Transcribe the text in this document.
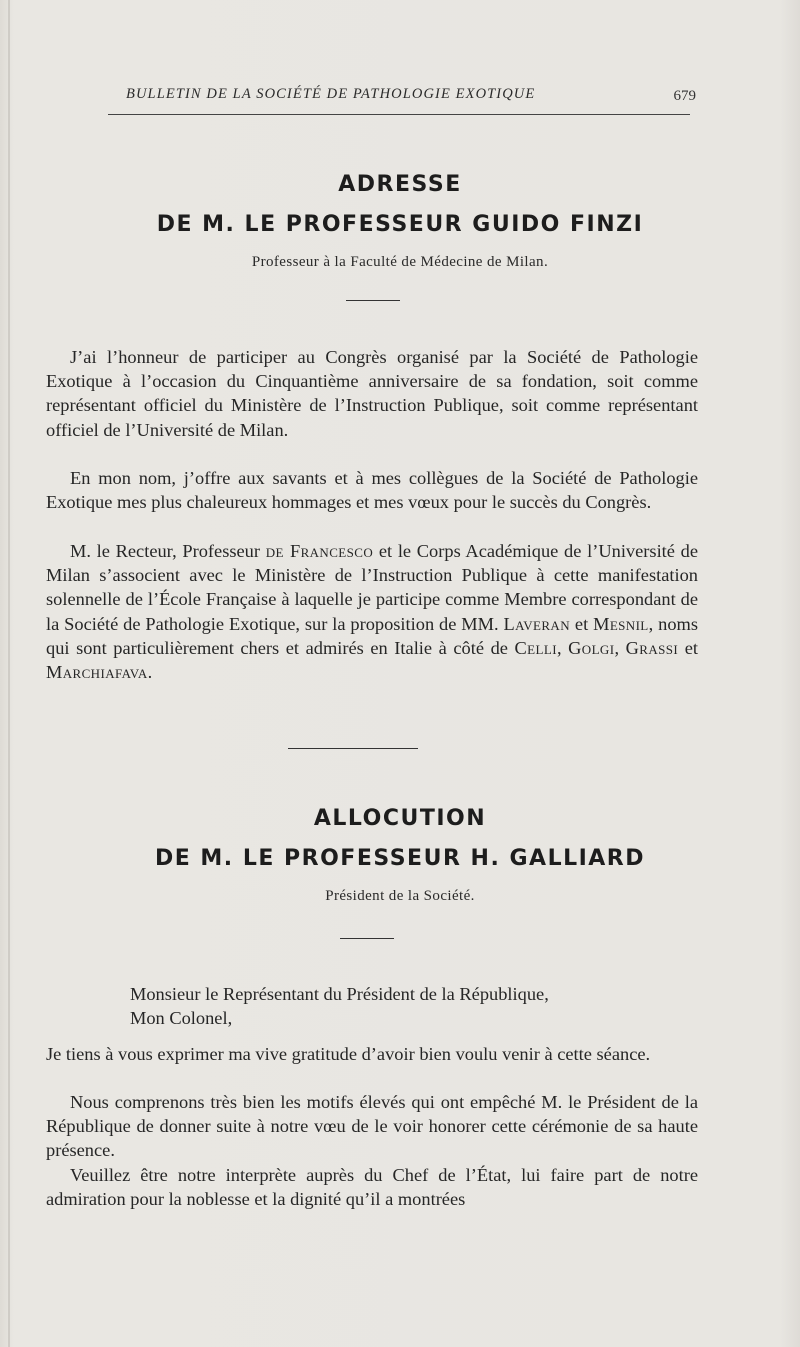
BULLETIN DE LA SOCIÉTÉ DE PATHOLOGIE EXOTIQUE	679
ADRESSE
DE M. LE PROFESSEUR GUIDO FINZI
Professeur à la Faculté de Médecine de Milan.

J’ai l’honneur de participer au Congrès organisé par la Société de Pathologie Exotique à l’occasion du Cinquantième anniversaire de sa fondation, soit comme représentant officiel du Ministère de l’Instruction Publique, soit comme représentant officiel de l’Université de Milan.

En mon nom, j’offre aux savants et à mes collègues de la Société de Pathologie Exotique mes plus chaleureux hommages et mes vœux pour le succès du Congrès.

M. le Recteur, Professeur de Francesco et le Corps Académique de l’Université de Milan s’associent avec le Ministère de l’Instruction Publique à cette manifestation solennelle de l’École Française à laquelle je participe comme Membre correspondant de la Société de Pathologie Exotique, sur la proposition de MM. Laveran et Mesnil, noms qui sont particulièrement chers et admirés en Italie à côté de Celli, Golgi, Grassi et Marchiafava.

ALLOCUTION
DE M. LE PROFESSEUR H. GALLIARD
Président de la Société.

Monsieur le Représentant du Président de la République,

Mon Colonel,

Je tiens à vous exprimer ma vive gratitude d’avoir bien voulu venir à cette séance.

Nous comprenons très bien les motifs élevés qui ont empêché M. le Président de la République de donner suite à notre vœu de le voir honorer cette cérémonie de sa haute présence.

Veuillez être notre interprète auprès du Chef de l’État, lui faire part de notre admiration pour la noblesse et la dignité qu’il a montrées
